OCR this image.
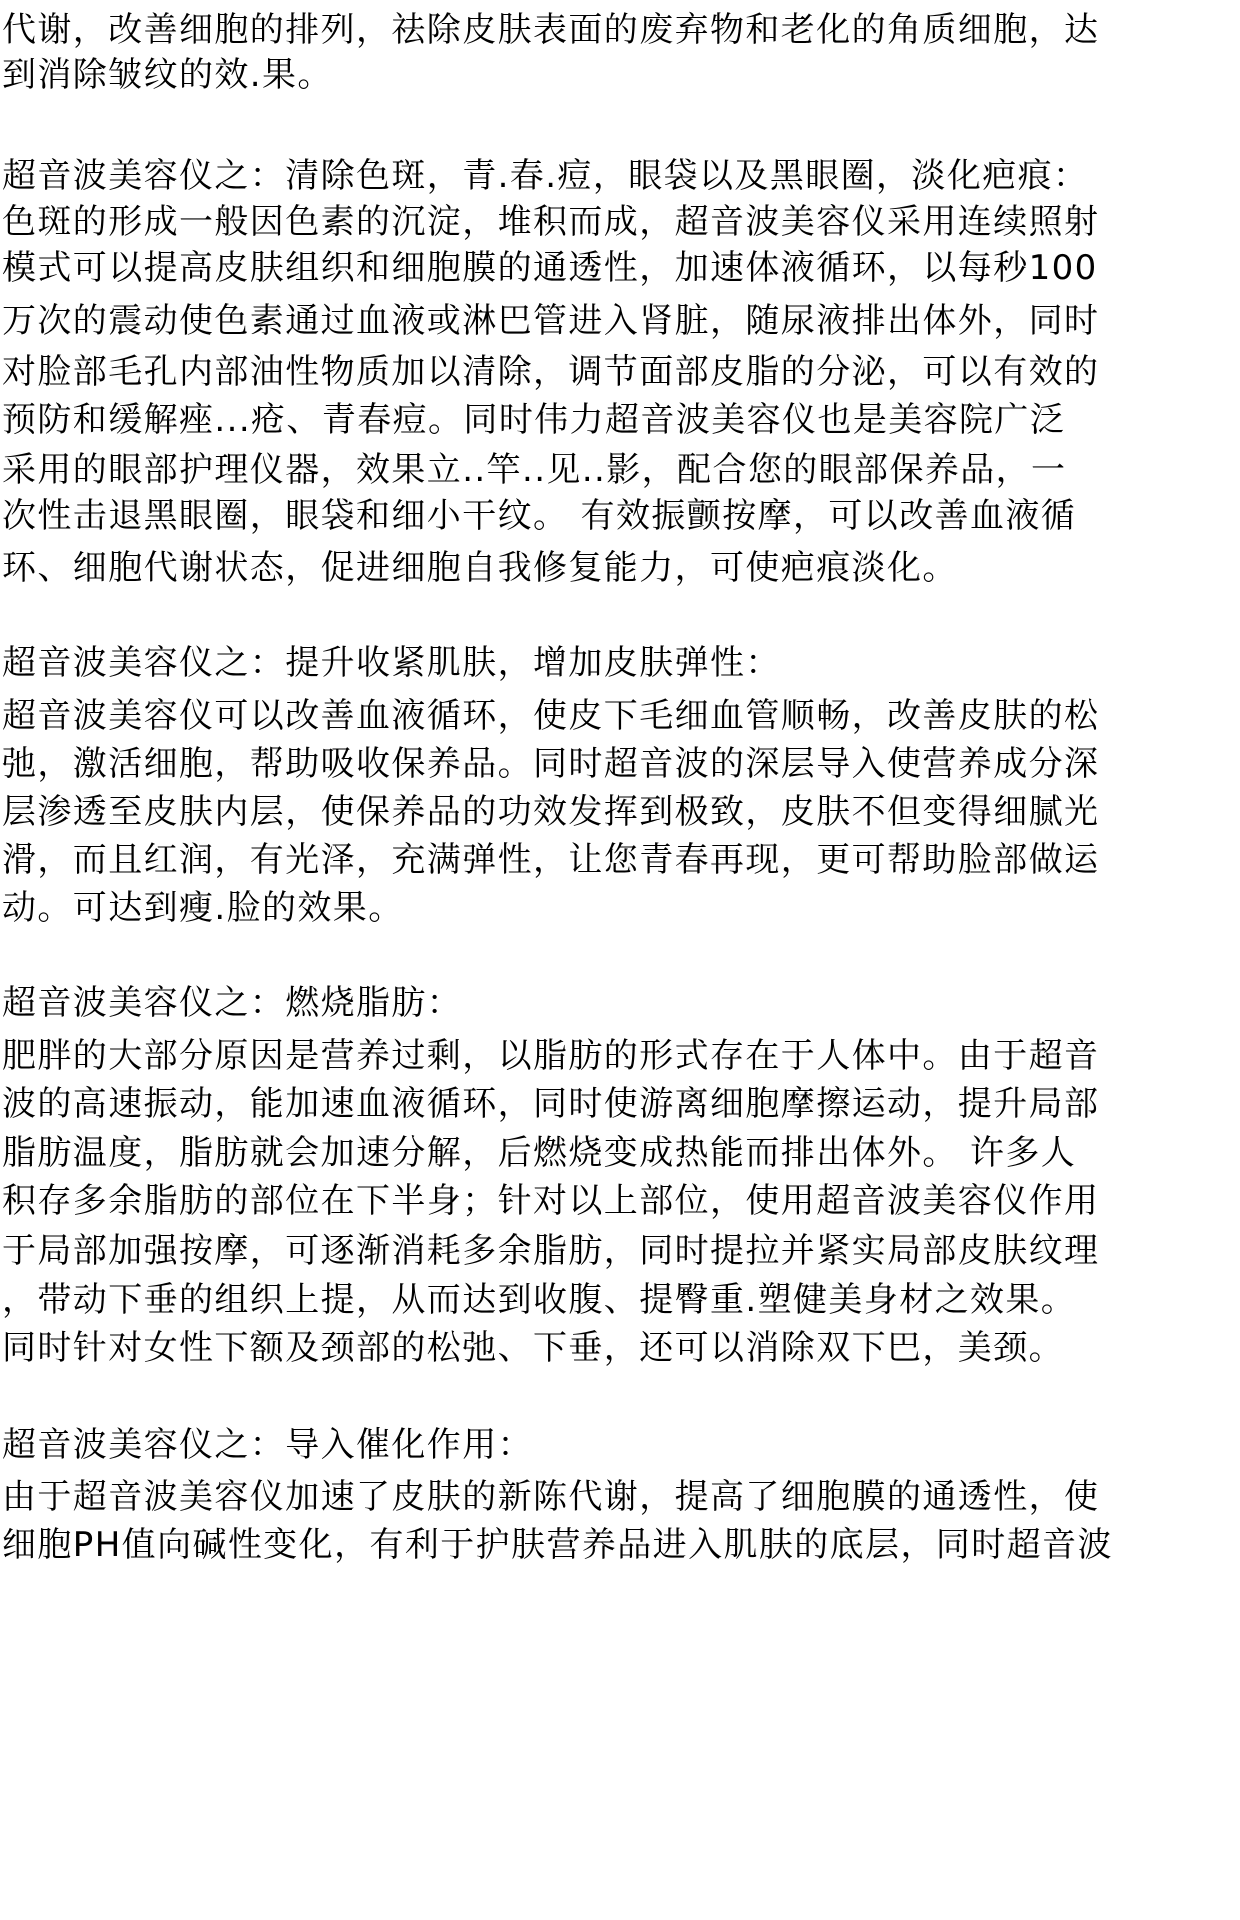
代谢，改善细胞的排列，祛除皮肤表面的废弃物和老化的角质细胞，达
到消除皱纹的效.果。
超音波美容仪之：清除色斑，青.春.痘，眼袋以及黑眼圈，淡化疤痕：
色斑的形成一般因色素的沉淀，堆积而成，超音波美容仪采用连续照射
模式可以提高皮肤组织和细胞膜的通透性，加速体液循环，以每秒100
万次的震动使色素通过血液或淋巴管进入肾脏，随尿液排出体外，同时
对脸部毛孔内部油性物质加以清除，调节面部皮脂的分泌，可以有效的
预防和缓解痤...疮、青春痘。同时伟力超音波美容仪也是美容院广泛
采用的眼部护理仪器，效果立..竿..见..影，配合您的眼部保养品，一
次性击退黑眼圈，眼袋和细小干纹。 有效振颤按摩，可以改善血液循
环、细胞代谢状态，促进细胞自我修复能力，可使疤痕淡化。
超音波美容仪之：提升收紧肌肤，增加皮肤弹性：
超音波美容仪可以改善血液循环，使皮下毛细血管顺畅，改善皮肤的松
弛，激活细胞，帮助吸收保养品。同时超音波的深层导入使营养成分深
层渗透至皮肤内层，使保养品的功效发挥到极致，皮肤不但变得细腻光
滑，而且红润，有光泽，充满弹性，让您青春再现，更可帮助脸部做运
动。可达到瘦.脸的效果。
超音波美容仪之：燃烧脂肪：
肥胖的大部分原因是营养过剩，以脂肪的形式存在于人体中。由于超音
波的高速振动，能加速血液循环，同时使游离细胞摩擦运动，提升局部
脂肪温度，脂肪就会加速分解，后燃烧变成热能而排出体外。 许多人
积存多余脂肪的部位在下半身；针对以上部位，使用超音波美容仪作用
于局部加强按摩，可逐渐消耗多余脂肪，同时提拉并紧实局部皮肤纹理
，带动下垂的组织上提，从而达到收腹、提臀重.塑健美身材之效果。
同时针对女性下额及颈部的松弛、下垂，还可以消除双下巴，美颈。
超音波美容仪之：导入催化作用：
由于超音波美容仪加速了皮肤的新陈代谢，提高了细胞膜的通透性，使
细胞PH值向碱性变化，有利于护肤营养品进入肌肤的底层，同时超音波
